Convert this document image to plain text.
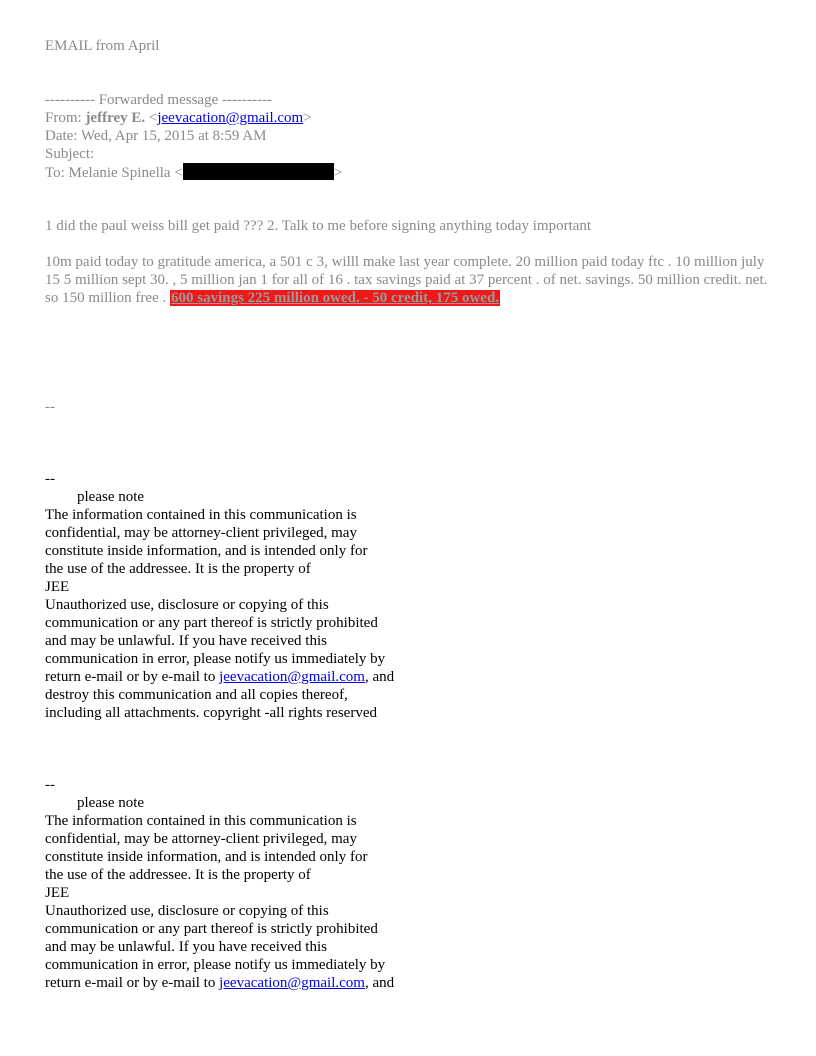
EMAIL from April
---------- Forwarded message ----------
From: jeffrey E. <jeevacation@gmail.com>
Date: Wed, Apr 15, 2015 at 8:59 AM
Subject:
To: Melanie Spinella <	>
1 did the paul weiss bill get paid ??? 2. Talk to me before signing anything today important
10m paid today to gratitude america, a 501 c 3, willl make last year complete. 20 million paid today ftc . 10 million july 15 5 million sept 30. , 5 million jan 1 for all of 16 . tax savings paid at 37 percent . of net. savings. 50 million credit. net. so 150 million free . 600 savings 225 million owed. - 50 credit, 175 owed.
--
--
please note
The information contained in this communication is
confidential, may be attorney-client privileged, may
constitute inside information, and is intended only for
the use of the addressee. It is the property of
JEE
Unauthorized use, disclosure or copying of this
communication or any part thereof is strictly prohibited
and may be unlawful. If you have received this
communication in error, please notify us immediately by
return e-mail or by e-mail to jeevacation@gmail.com, and
destroy this communication and all copies thereof,
including all attachments. copyright -all rights reserved
--
please note
The information contained in this communication is
confidential, may be attorney-client privileged, may
constitute inside information, and is intended only for
the use of the addressee. It is the property of
JEE
Unauthorized use, disclosure or copying of this
communication or any part thereof is strictly prohibited
and may be unlawful. If you have received this
communication in error, please notify us immediately by
return e-mail or by e-mail to jeevacation@gmail.com, and
